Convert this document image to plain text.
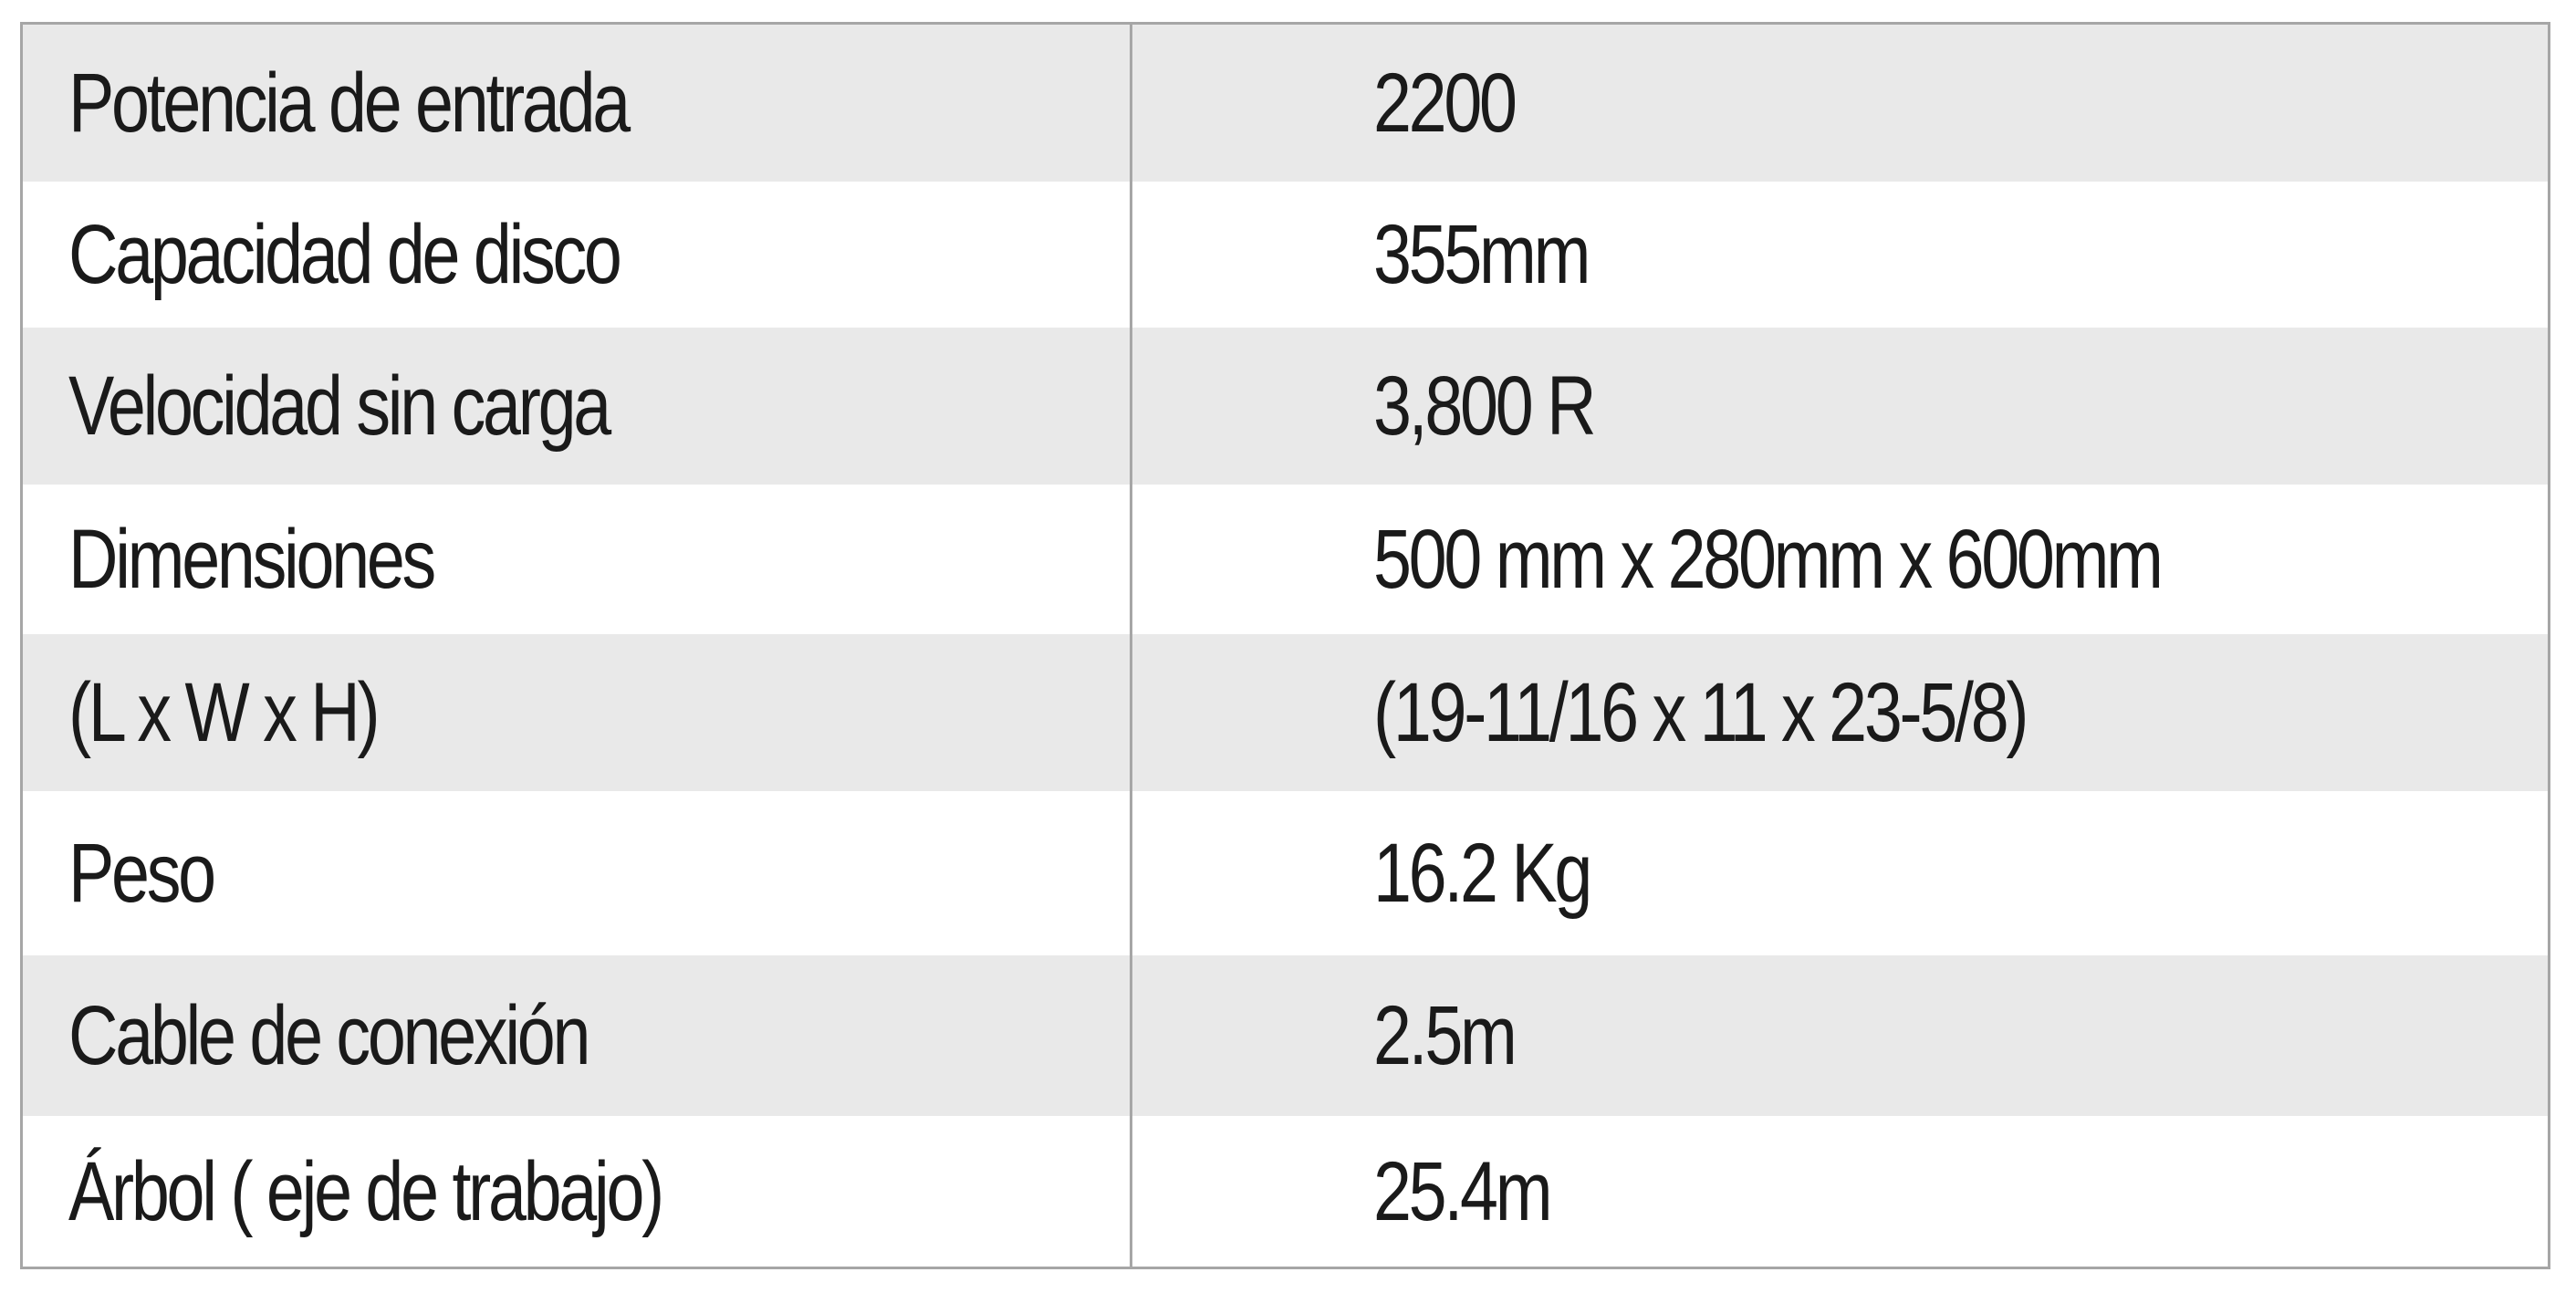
Potencia de entrada	2200
Capacidad de disco	355mm
Velocidad sin carga	3,800 R
Dimensiones	500 mm x 280mm x 600mm
(L x W x H)	(19-11/16 x 11 x 23-5/8)
Peso	16.2 Kg
Cable de conexión	2.5m
Árbol ( eje de trabajo)	25.4m
